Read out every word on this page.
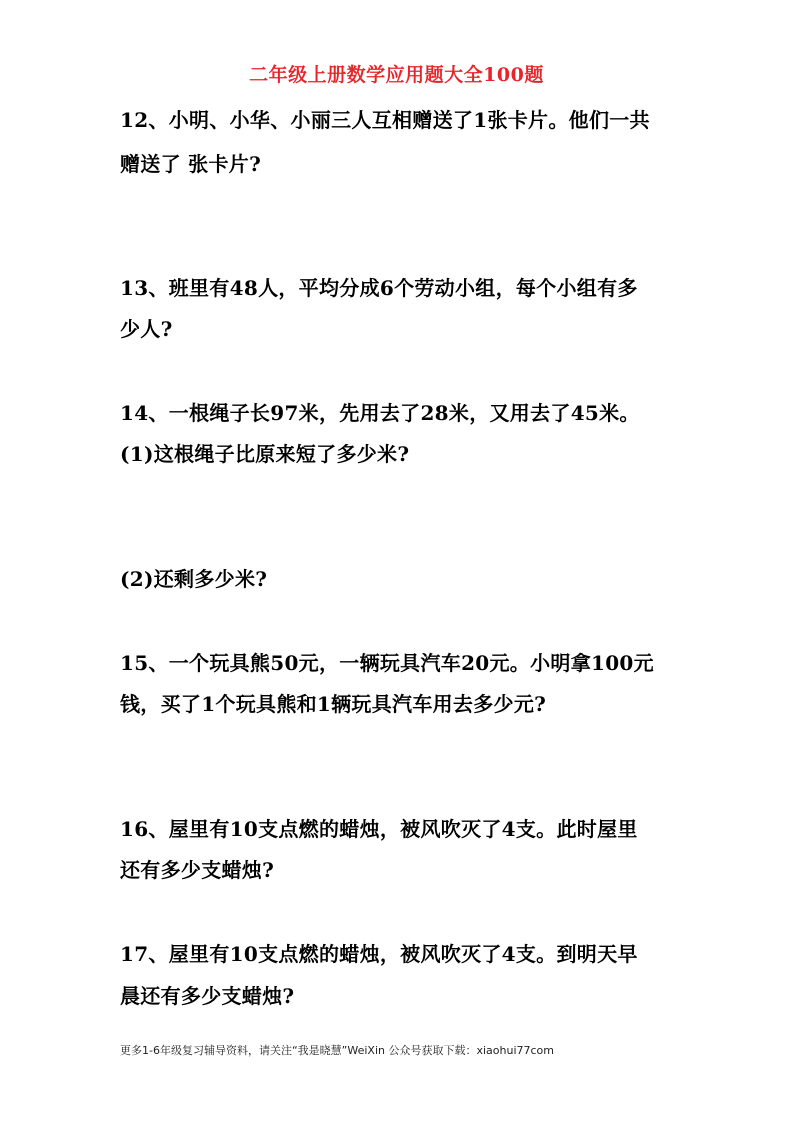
二年级上册数学应用题大全100题
12、小明、小华、小丽三人互相赠送了1张卡片。他们一共
赠送了 张卡片?
13、班里有48人，平均分成6个劳动小组，每个小组有多
少人?
14、一根绳子长97米，先用去了28米，又用去了45米。
(1)这根绳子比原来短了多少米?
(2)还剩多少米?
15、一个玩具熊50元，一辆玩具汽车20元。小明拿100元
钱，买了1个玩具熊和1辆玩具汽车用去多少元?
16、屋里有10支点燃的蜡烛，被风吹灭了4支。此时屋里
还有多少支蜡烛?
17、屋里有10支点燃的蜡烛，被风吹灭了4支。到明天早
晨还有多少支蜡烛?
更多1-6年级复习辅导资料，请关注“我是晓慧”WeiXin 公众号获取下载：xiaohui77com
